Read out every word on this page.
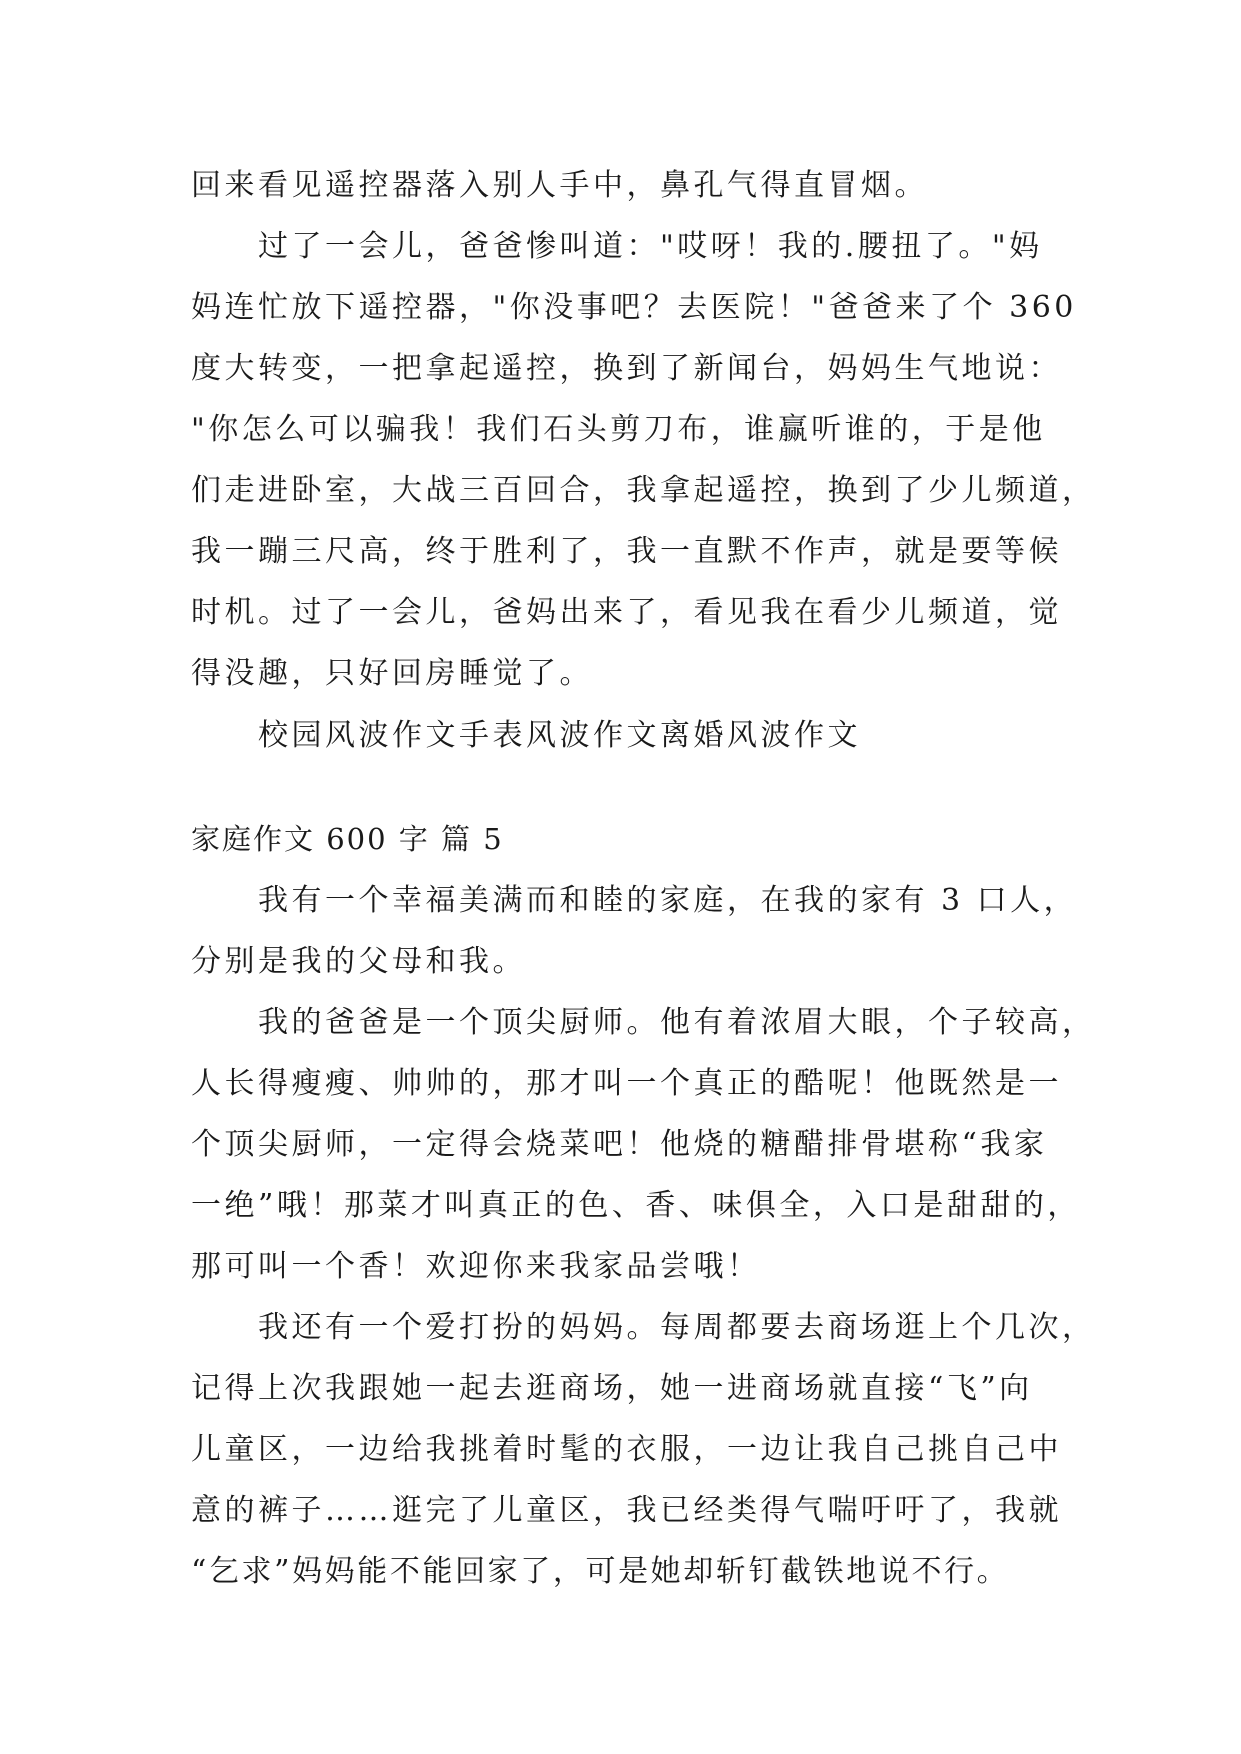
回来看见遥控器落入别人手中，鼻孔气得直冒烟。
过了一会儿，爸爸惨叫道："哎呀！我的.腰扭了。"妈
妈连忙放下遥控器，"你没事吧？去医院！"爸爸来了个 360
度大转变，一把拿起遥控，换到了新闻台，妈妈生气地说：
"你怎么可以骗我！我们石头剪刀布，谁赢听谁的，于是他
们走进卧室，大战三百回合，我拿起遥控，换到了少儿频道，
我一蹦三尺高，终于胜利了，我一直默不作声，就是要等候
时机。过了一会儿，爸妈出来了，看见我在看少儿频道，觉
得没趣，只好回房睡觉了。
校园风波作文手表风波作文离婚风波作文
家庭作文 600 字 篇 5
我有一个幸福美满而和睦的家庭，在我的家有 3 口人，
分别是我的父母和我。
我的爸爸是一个顶尖厨师。他有着浓眉大眼，个子较高，
人长得瘦瘦、帅帅的，那才叫一个真正的酷呢！他既然是一
个顶尖厨师，一定得会烧菜吧！他烧的糖醋排骨堪称“我家
一绝”哦！那菜才叫真正的色、香、味俱全，入口是甜甜的，
那可叫一个香！欢迎你来我家品尝哦！
我还有一个爱打扮的妈妈。每周都要去商场逛上个几次，
记得上次我跟她一起去逛商场，她一进商场就直接“飞”向
儿童区，一边给我挑着时髦的衣服，一边让我自己挑自己中
意的裤子……逛完了儿童区，我已经类得气喘吁吁了，我就
“乞求”妈妈能不能回家了，可是她却斩钉截铁地说不行。
